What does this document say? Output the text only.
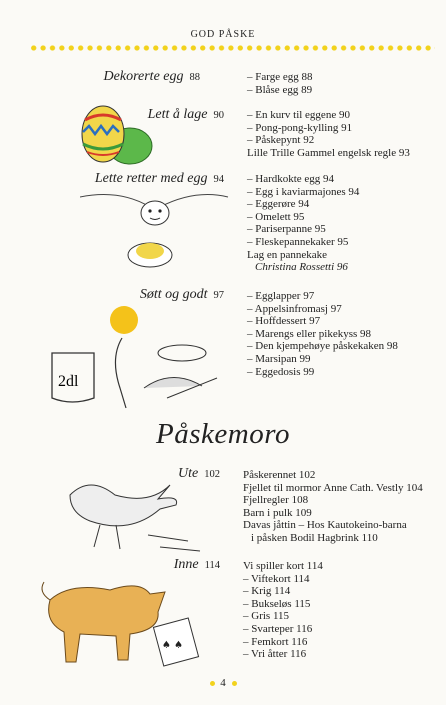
GOD PÅSKE
Dekorerte egg 88	– Farge egg 88
– Blåse egg 89
Lett å lage 90 – En kurv til eggene 90
– Pong-pong-kylling 91
– Påskepynt 92
Lille Trille Gammel engelsk regle 93
Lette retter med egg 94 – Hardkokte egg 94
– Egg i kaviarmajones 94
– Eggerøre 94
– Omelett 95
– Pariserpanne 95
– Fleskepannekaker 95
Lag en pannekake
Christina Rossetti 96
Søtt og godt 97 – Egglapper 97
– Appelsinfromasj 97
– Hoffdessert 97
– Marengs eller pikekyss 98
– Den kjempehøye påskekaken 98
– Marsipan 99
– Eggedosis 99
Påskemoro
Ute 102 Påskerennet 102
Fjellet til mormor Anne Cath. Vestly 104
Fjellregler 108
Barn i pulk 109
Davas jåttin – Hos Kautokeino-barna
i påsken Bodil Hagbrink 110
Inne 114 Vi spiller kort 114
– Viftekort 114
– Krig 114
– Bukseløs 115
– Gris 115
– Svarteper 116
– Femkort 116
– Vri åtter 116
2dl
♠ ♠
4
